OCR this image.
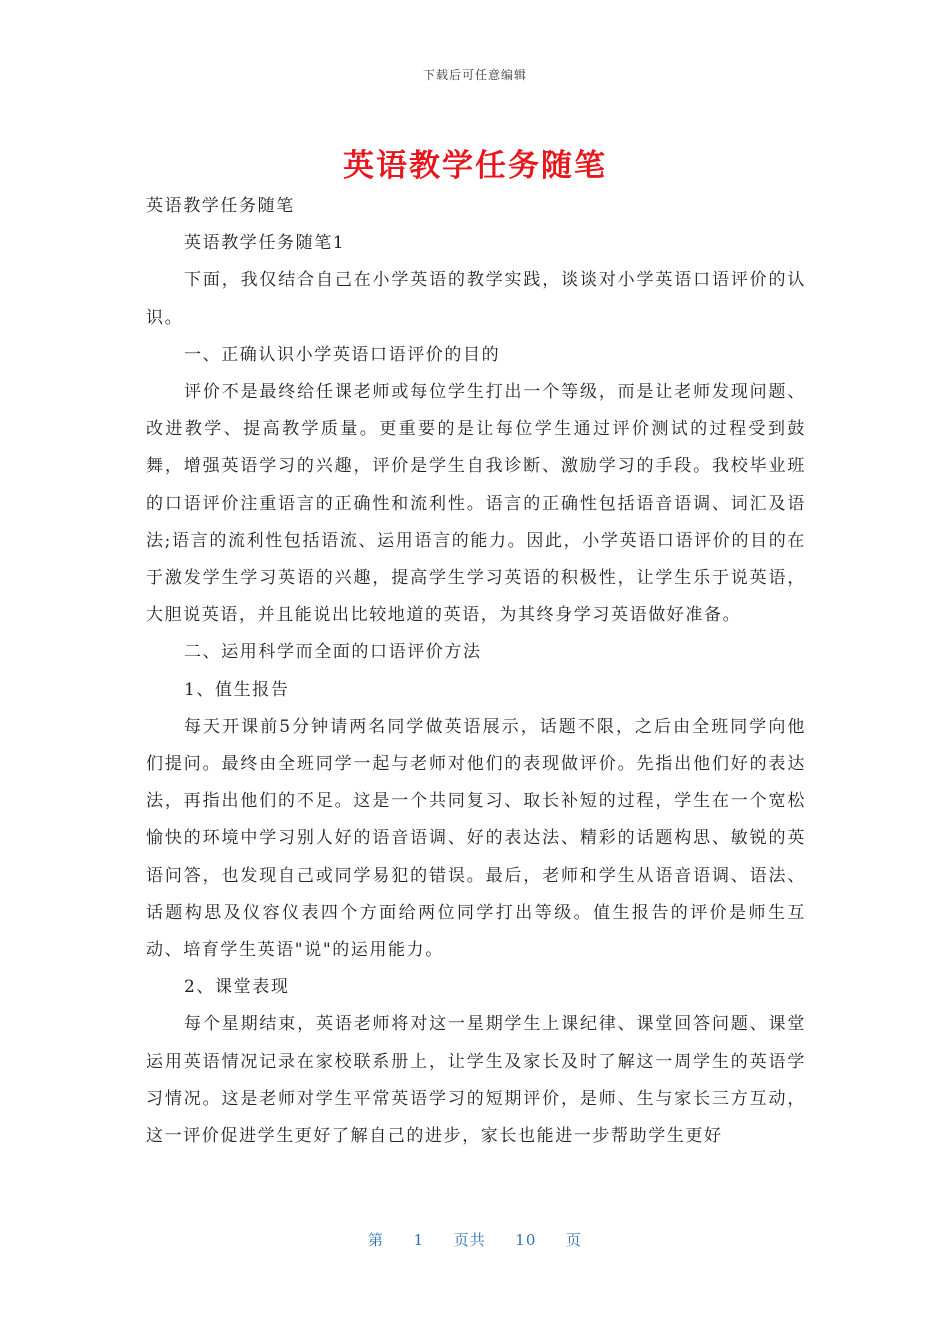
下载后可任意编辑
英语教学任务随笔

英语教学任务随笔

英语教学任务随笔1

下面，我仅结合自己在小学英语的教学实践，谈谈对小学英语口语评价的认识。

一、正确认识小学英语口语评价的目的

评价不是最终给任课老师或每位学生打出一个等级，而是让老师发现问题、改进教学、提高教学质量。更重要的是让每位学生通过评价测试的过程受到鼓舞，增强英语学习的兴趣，评价是学生自我诊断、激励学习的手段。我校毕业班的口语评价注重语言的正确性和流利性。语言的正确性包括语音语调、词汇及语法;语言的流利性包括语流、运用语言的能力。因此，小学英语口语评价的目的在于激发学生学习英语的兴趣，提高学生学习英语的积极性，让学生乐于说英语，大胆说英语，并且能说出比较地道的英语，为其终身学习英语做好准备。

二、运用科学而全面的口语评价方法

1、值生报告

每天开课前5分钟请两名同学做英语展示，话题不限，之后由全班同学向他们提问。最终由全班同学一起与老师对他们的表现做评价。先指出他们好的表达法，再指出他们的不足。这是一个共同复习、取长补短的过程，学生在一个宽松愉快的环境中学习别人好的语音语调、好的表达法、精彩的话题构思、敏锐的英语问答，也发现自己或同学易犯的错误。最后，老师和学生从语音语调、语法、话题构思及仪容仪表四个方面给两位同学打出等级。值生报告的评价是师生互动、培育学生英语"说"的运用能力。

2、课堂表现

每个星期结束，英语老师将对这一星期学生上课纪律、课堂回答问题、课堂运用英语情况记录在家校联系册上，让学生及家长及时了解这一周学生的英语学习情况。这是老师对学生平常英语学习的短期评价，是师、生与家长三方互动，这一评价促进学生更好了解自己的进步，家长也能进一步帮助学生更好

第 1 页共 10 页
